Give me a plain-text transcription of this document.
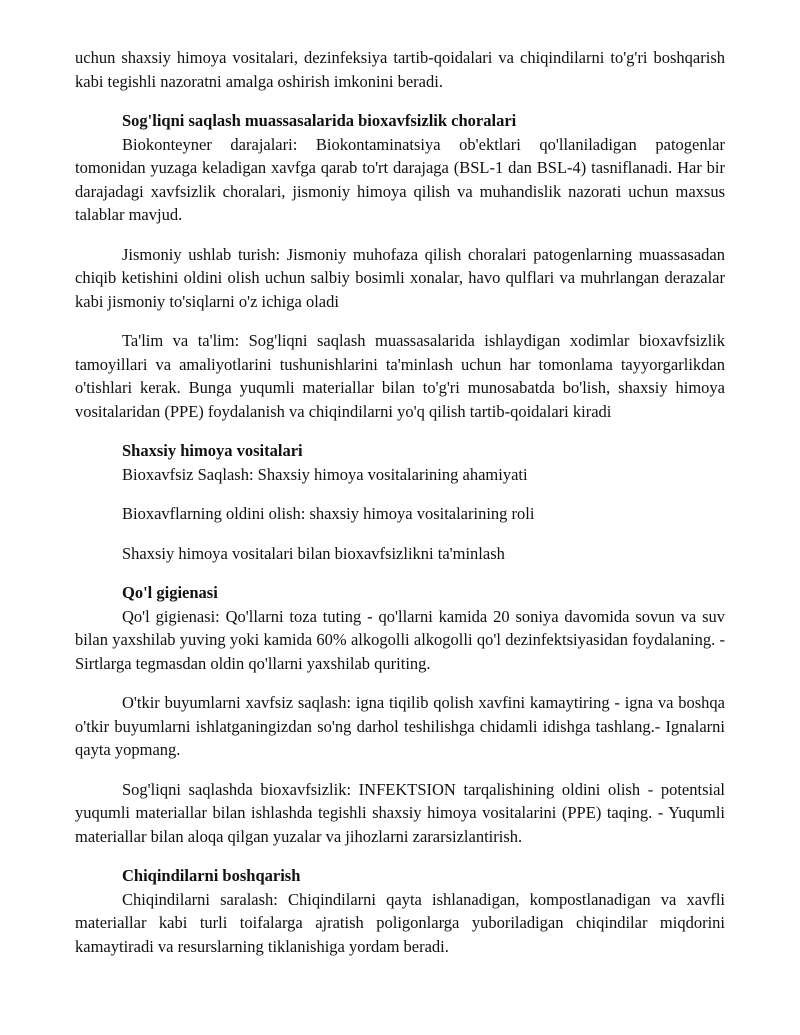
uchun shaxsiy himoya vositalari, dezinfeksiya tartib-qoidalari va chiqindilarni to'g'ri boshqarish kabi tegishli nazoratni amalga oshirish imkonini beradi.

Sog'liqni saqlash muassasalarida bioxavfsizlik choralari

Biokonteyner darajalari: Biokontaminatsiya ob'ektlari qo'llaniladigan patogenlar tomonidan yuzaga keladigan xavfga qarab to'rt darajaga (BSL-1 dan BSL-4) tasniflanadi. Har bir darajadagi xavfsizlik choralari, jismoniy himoya qilish va muhandislik nazorati uchun maxsus talablar mavjud.

Jismoniy ushlab turish: Jismoniy muhofaza qilish choralari patogenlarning muassasadan chiqib ketishini oldini olish uchun salbiy bosimli xonalar, havo qulflari va muhrlangan derazalar kabi jismoniy to'siqlarni o'z ichiga oladi

Ta'lim va ta'lim: Sog'liqni saqlash muassasalarida ishlaydigan xodimlar bioxavfsizlik tamoyillari va amaliyotlarini tushunishlarini ta'minlash uchun har tomonlama tayyorgarlikdan o'tishlari kerak. Bunga yuqumli materiallar bilan to'g'ri munosabatda bo'lish, shaxsiy himoya vositalaridan (PPE) foydalanish va chiqindilarni yo'q qilish tartib-qoidalari kiradi

Shaxsiy himoya vositalari

Bioxavfsiz Saqlash: Shaxsiy himoya vositalarining ahamiyati

Bioxavflarning oldini olish: shaxsiy himoya vositalarining roli

Shaxsiy himoya vositalari bilan bioxavfsizlikni ta'minlash

Qo'l gigienasi

Qo'l gigienasi: Qo'llarni toza tuting - qo'llarni kamida 20 soniya davomida sovun va suv bilan yaxshilab yuving yoki kamida 60% alkogolli alkogolli qo'l dezinfektsiyasidan foydalaning. - Sirtlarga tegmasdan oldin qo'llarni yaxshilab quriting.

O'tkir buyumlarni xavfsiz saqlash: igna tiqilib qolish xavfini kamaytiring - igna va boshqa o'tkir buyumlarni ishlatganingizdan so'ng darhol teshilishga chidamli idishga tashlang.- Ignalarni qayta yopmang.

Sog'liqni saqlashda bioxavfsizlik: INFEKTSION tarqalishining oldini olish - potentsial yuqumli materiallar bilan ishlashda tegishli shaxsiy himoya vositalarini (PPE) taqing. - Yuqumli materiallar bilan aloqa qilgan yuzalar va jihozlarni zararsizlantirish.

Chiqindilarni boshqarish

Chiqindilarni saralash: Chiqindilarni qayta ishlanadigan, kompostlanadigan va xavfli materiallar kabi turli toifalarga ajratish poligonlarga yuboriladigan chiqindilar miqdorini kamaytiradi va resurslarning tiklanishiga yordam beradi.
